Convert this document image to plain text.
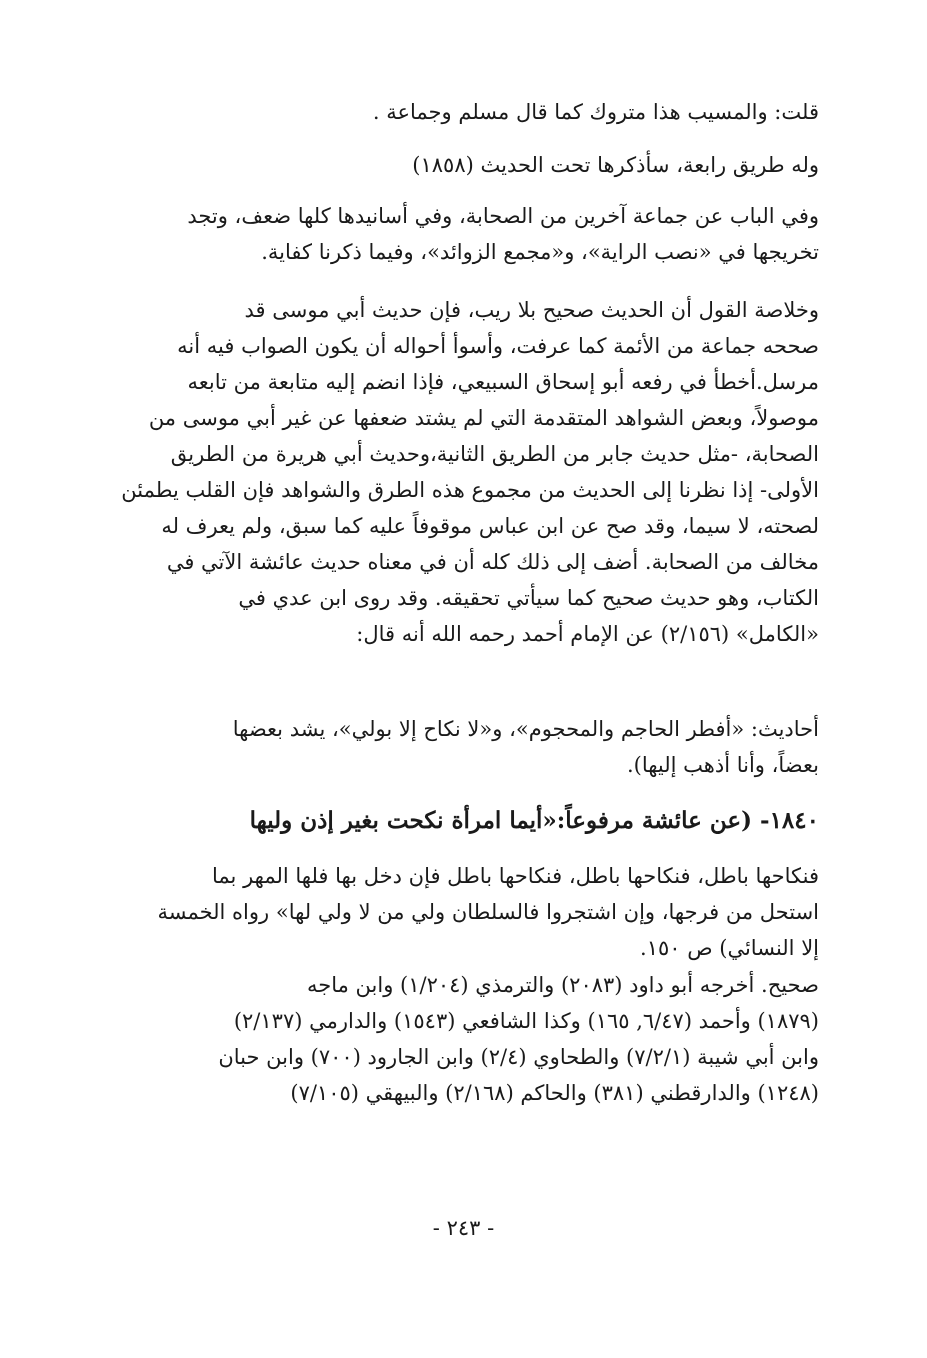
قلت: والمسيب هذا متروك كما قال مسلم وجماعة .
وله طريق رابعة، سأذكرها تحت الحديث (١٨٥٨)
وفي الباب عن جماعة آخرين من الصحابة، وفي أسانيدها كلها ضعف، وتجد
تخريجها في «نصب الراية»، و«مجمع الزوائد»، وفيما ذكرنا كفاية.
وخلاصة القول أن الحديث صحيح بلا ريب، فإن حديث أبي موسى قد
صححه جماعة من الأئمة كما عرفت، وأسوأ أحواله أن يكون الصواب فيه أنه
مرسل.أخطأ في رفعه أبو إسحاق السبيعي، فإذا انضم إليه متابعة من تابعه
موصولاً، وبعض الشواهد المتقدمة التي لم يشتد ضعفها عن غير أبي موسى من
الصحابة، -مثل حديث جابر من الطريق الثانية،وحديث أبي هريرة من الطريق
الأولى- إذا نظرنا إلى الحديث من مجموع هذه الطرق والشواهد فإن القلب يطمئن
لصحته، لا سيما، وقد صح عن ابن عباس موقوفاً عليه كما سبق، ولم يعرف له
مخالف من الصحابة. أضف إلى ذلك كله أن في معناه حديث عائشة الآتي في
الكتاب، وهو حديث صحيح كما سيأتي تحقيقه. وقد روى ابن عدي في
«الكامل» (٢/١٥٦) عن الإمام أحمد رحمه الله أنه قال:
أحاديث: «أفطر الحاجم والمحجوم»، و«لا نكاح إلا بولي»، يشد بعضها
بعضاً، وأنا أذهب إليها).
١٨٤٠- (عن عائشة مرفوعاً:«أيما امرأة نكحت بغير إذن وليها
فنكاحها باطل، فنكاحها باطل، فنكاحها باطل فإن دخل بها فلها المهر بما
استحل من فرجها، وإن اشتجروا فالسلطان ولي من لا ولي لها» رواه الخمسة
إلا النسائي) ص ١٥٠.
صحيح. أخرجه أبو داود (٢٠٨٣) والترمذي (١/٢٠٤) وابن ماجه
(١٨٧٩) وأحمد (٦/٤٧, ١٦٥) وكذا الشافعي (١٥٤٣) والدارمي (٢/١٣٧)
وابن أبي شيبة (٧/٢/١) والطحاوي (٢/٤) وابن الجارود (٧٠٠) وابن حبان
(١٢٤٨) والدارقطني (٣٨١) والحاكم (٢/١٦٨) والبيهقي (٧/١٠٥)
- ٢٤٣ -
